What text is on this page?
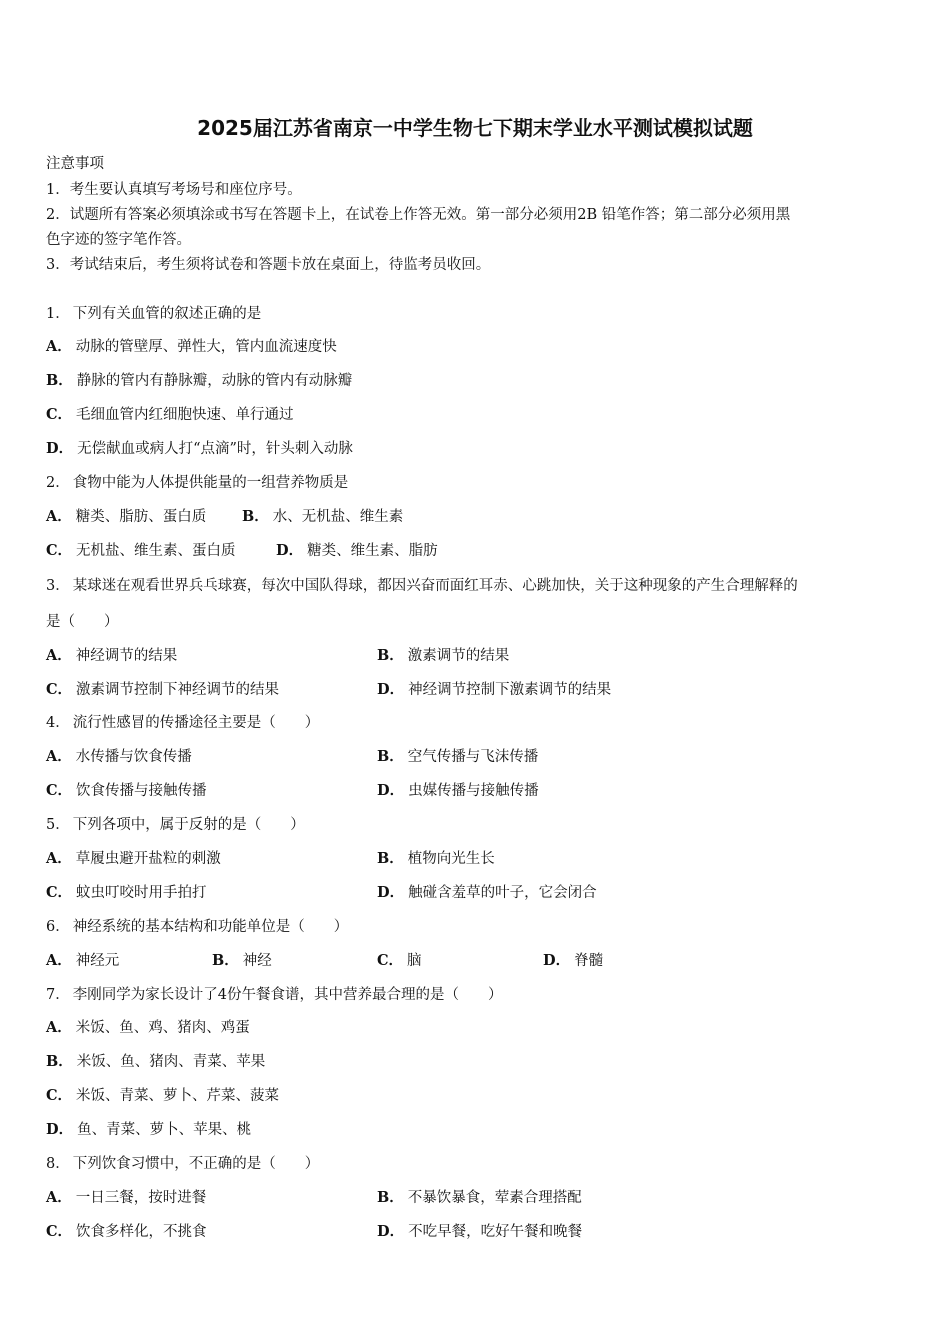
2025届江苏省南京一中学生物七下期末学业水平测试模拟试题
注意事项
1．考生要认真填写考场号和座位序号。
2．试题所有答案必须填涂或书写在答题卡上，在试卷上作答无效。第一部分必须用2B 铅笔作答；第二部分必须用黑
色字迹的签字笔作答。
3．考试结束后，考生须将试卷和答题卡放在桌面上，待监考员收回。
1． 下列有关血管的叙述正确的是
A． 动脉的管壁厚、弹性大，管内血流速度快
B． 静脉的管内有静脉瓣，动脉的管内有动脉瓣
C． 毛细血管内红细胞快速、单行通过
D． 无偿献血或病人打“点滴”时，针头刺入动脉
2． 食物中能为人体提供能量的一组营养物质是
A． 糖类、脂肪、蛋白质 B． 水、无机盐、维生素
C． 无机盐、维生素、蛋白质	D． 糖类、维生素、脂肪
3． 某球迷在观看世界兵乓球赛，每次中国队得球，都因兴奋而面红耳赤、心跳加快，关于这种现象的产生合理解释的
是（　　）
A． 神经调节的结果	B． 激素调节的结果
C． 激素调节控制下神经调节的结果	D． 神经调节控制下激素调节的结果
4． 流行性感冒的传播途径主要是（　　）
A． 水传播与饮食传播	B． 空气传播与飞沫传播
C． 饮食传播与接触传播	D． 虫媒传播与接触传播
5． 下列各项中，属于反射的是（　　）
A． 草履虫避开盐粒的刺激	B． 植物向光生长
C． 蚊虫叮咬时用手拍打	D． 触碰含羞草的叶子，它会闭合
6． 神经系统的基本结构和功能单位是（　　）
A． 神经元	B． 神经	C． 脑	D． 脊髓
7． 李刚同学为家长设计了4份午餐食谱，其中营养最合理的是（　　）
A． 米饭、鱼、鸡、猪肉、鸡蛋
B． 米饭、鱼、猪肉、青菜、苹果
C． 米饭、青菜、萝卜、芹菜、菠菜
D． 鱼、青菜、萝卜、苹果、桃
8． 下列饮食习惯中，不正确的是（　　）
A． 一日三餐，按时进餐	B． 不暴饮暴食，荤素合理搭配
C． 饮食多样化，不挑食	D． 不吃早餐，吃好午餐和晚餐
